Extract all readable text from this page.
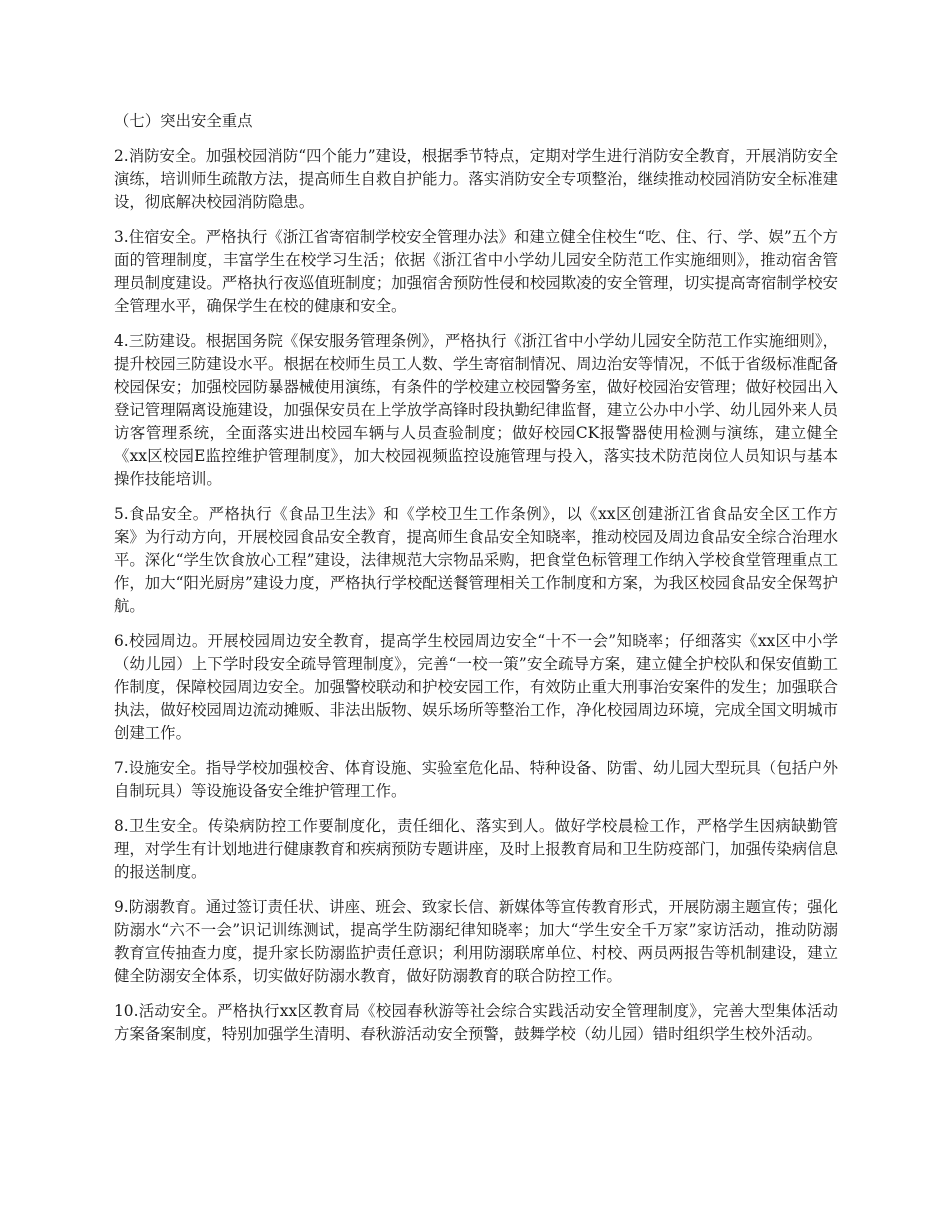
（七）突出安全重点

2.消防安全。加强校园消防“四个能力”建设，根据季节特点，定期对学生进行消防安全教育，开展消防安全演练，培训师生疏散方法，提高师生自救自护能力。落实消防安全专项整治，继续推动校园消防安全标准建设，彻底解决校园消防隐患。

3.住宿安全。严格执行《浙江省寄宿制学校安全管理办法》和建立健全住校生“吃、住、行、学、娱”五个方面的管理制度，丰富学生在校学习生活；依据《浙江省中小学幼儿园安全防范工作实施细则》，推动宿舍管理员制度建设。严格执行夜巡值班制度；加强宿舍预防性侵和校园欺凌的安全管理，切实提高寄宿制学校安全管理水平，确保学生在校的健康和安全。

4.三防建设。根据国务院《保安服务管理条例》，严格执行《浙江省中小学幼儿园安全防范工作实施细则》，提升校园三防建设水平。根据在校师生员工人数、学生寄宿制情况、周边治安等情况，不低于省级标准配备校园保安；加强校园防暴器械使用演练，有条件的学校建立校园警务室，做好校园治安管理；做好校园出入登记管理隔离设施建设，加强保安员在上学放学高锋时段执勤纪律监督，建立公办中小学、幼儿园外来人员访客管理系统，全面落实进出校园车辆与人员查验制度；做好校园CK报警器使用检测与演练，建立健全《xx区校园E监控维护管理制度》，加大校园视频监控设施管理与投入，落实技术防范岗位人员知识与基本操作技能培训。

5.食品安全。严格执行《食品卫生法》和《学校卫生工作条例》，以《xx区创建浙江省食品安全区工作方案》为行动方向，开展校园食品安全教育，提高师生食品安全知晓率，推动校园及周边食品安全综合治理水平。深化“学生饮食放心工程”建设，法律规范大宗物品采购，把食堂色标管理工作纳入学校食堂管理重点工作，加大“阳光厨房”建设力度，严格执行学校配送餐管理相关工作制度和方案，为我区校园食品安全保驾护航。

6.校园周边。开展校园周边安全教育，提高学生校园周边安全“十不一会”知晓率；仔细落实《xx区中小学（幼儿园）上下学时段安全疏导管理制度》，完善“一校一策”安全疏导方案，建立健全护校队和保安值勤工作制度，保障校园周边安全。加强警校联动和护校安园工作，有效防止重大刑事治安案件的发生；加强联合执法，做好校园周边流动摊贩、非法出版物、娱乐场所等整治工作，净化校园周边环境，完成全国文明城市创建工作。

7.设施安全。指导学校加强校舍、体育设施、实验室危化品、特种设备、防雷、幼儿园大型玩具（包括户外自制玩具）等设施设备安全维护管理工作。

8.卫生安全。传染病防控工作要制度化，责任细化、落实到人。做好学校晨检工作，严格学生因病缺勤管理，对学生有计划地进行健康教育和疾病预防专题讲座，及时上报教育局和卫生防疫部门，加强传染病信息的报送制度。

9.防溺教育。通过签订责任状、讲座、班会、致家长信、新媒体等宣传教育形式，开展防溺主题宣传；强化防溺水“六不一会”识记训练测试，提高学生防溺纪律知晓率；加大“学生安全千万家”家访活动，推动防溺教育宣传抽查力度，提升家长防溺监护责任意识；利用防溺联席单位、村校、两员两报告等机制建设，建立健全防溺安全体系，切实做好防溺水教育，做好防溺教育的联合防控工作。

10.活动安全。严格执行xx区教育局《校园春秋游等社会综合实践活动安全管理制度》，完善大型集体活动方案备案制度，特别加强学生清明、春秋游活动安全预警，鼓舞学校（幼儿园）错时组织学生校外活动。
